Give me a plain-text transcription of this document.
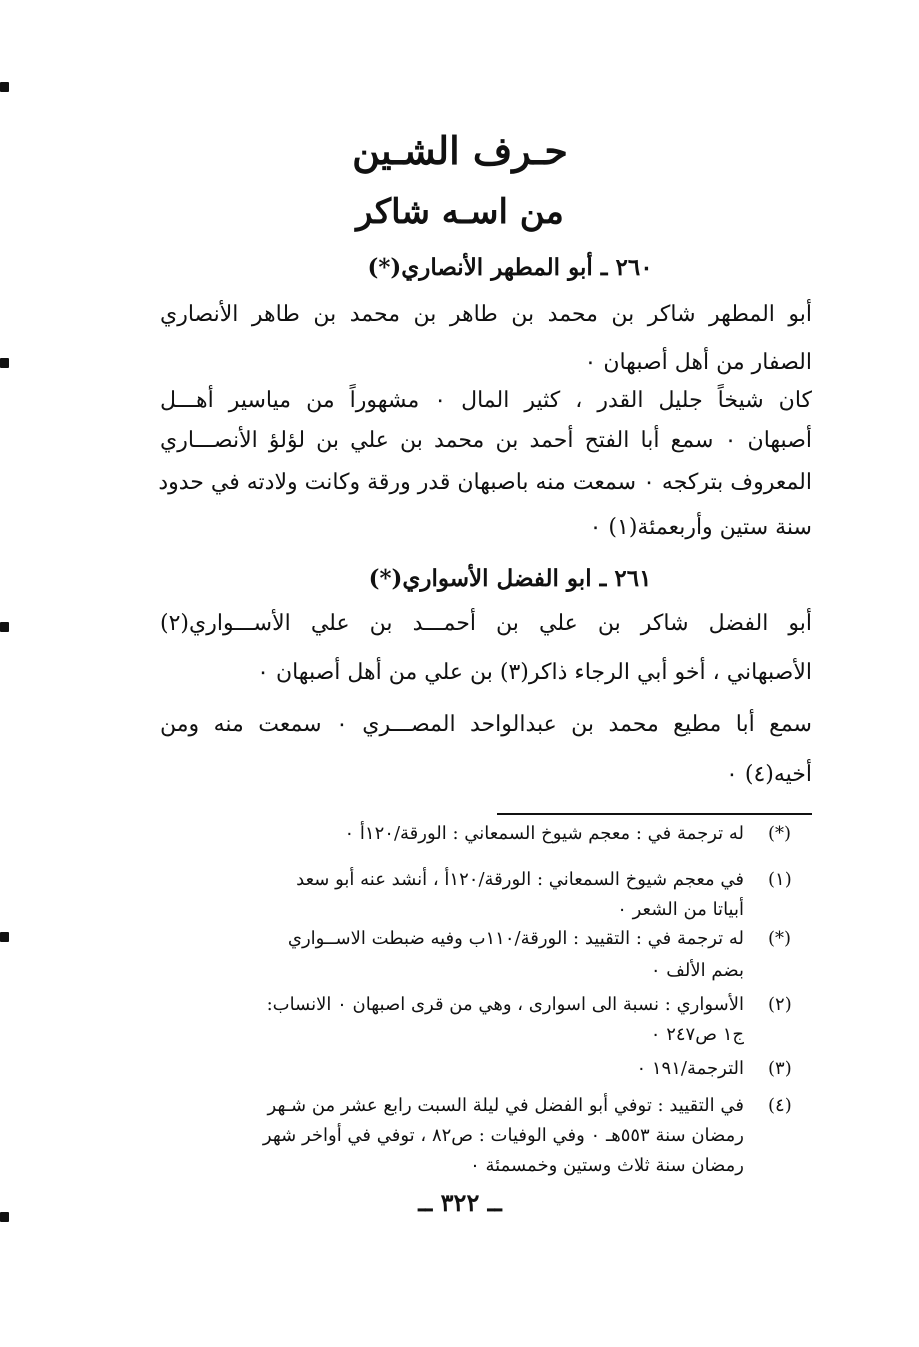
حـرف الشـين
من اسـه شاكر
٢٦٠ ـ أبو المطهر الأنصاري(*)
أبو المطهر شاكر بن محمد بن طاهر بن محمد بن طاهر الأنصاري
الصفار من أهل أصبهان ٠
كان شيخاً جليل القدر ، كثير المال ٠ مشهوراً من مياسير أهـــل
أصبهان ٠ سمع أبا الفتح أحمد بن محمد بن علي بن لؤلؤ الأنصـــاري
المعروف بتركجه ٠ سمعت منه باصبهان قدر ورقة وكانت ولادته في حدود
سنة ستين وأربعمئة(١) ٠
٢٦١ ـ ابو الفضل الأسواري(*)
أبو الفضل شاكر بن علي بن أحمـــد بن علي الأســـواري(٢)
الأصبهاني ، أخو أبي الرجاء ذاكر(٣) بن علي من أهل أصبهان ٠
سمع أبا مطيع محمد بن عبدالواحد المصـــري ٠ سمعت منه ومن
أخيه(٤) ٠
(*)
له ترجمة في : معجم شيوخ السمعاني : الورقة/١٢٠أ ٠
(١)
في معجم شيوخ السمعاني : الورقة/١٢٠أ ، أنشد عنه أبو سعد
أبياتا من الشعر ٠
(*)
له ترجمة في : التقييد : الورقة/١١٠ب وفيه ضبطت الاســواري
بضم الألف ٠
(٢)
الأسواري : نسبة الى اسوارى ، وهي من قرى اصبهان ٠ الانساب:
ج١ ص٢٤٧ ٠
(٣)
الترجمة/١٩١ ٠
(٤)
في التقييد : توفي أبو الفضل في ليلة السبت رابع عشر من شـهر
رمضان سنة ٥٥٣هـ ٠ وفي الوفيات : ص٨٢ ، توفي في أواخر شهر
رمضان سنة ثلاث وستين وخمسمئة ٠
ــ ٣٢٢ ــ
